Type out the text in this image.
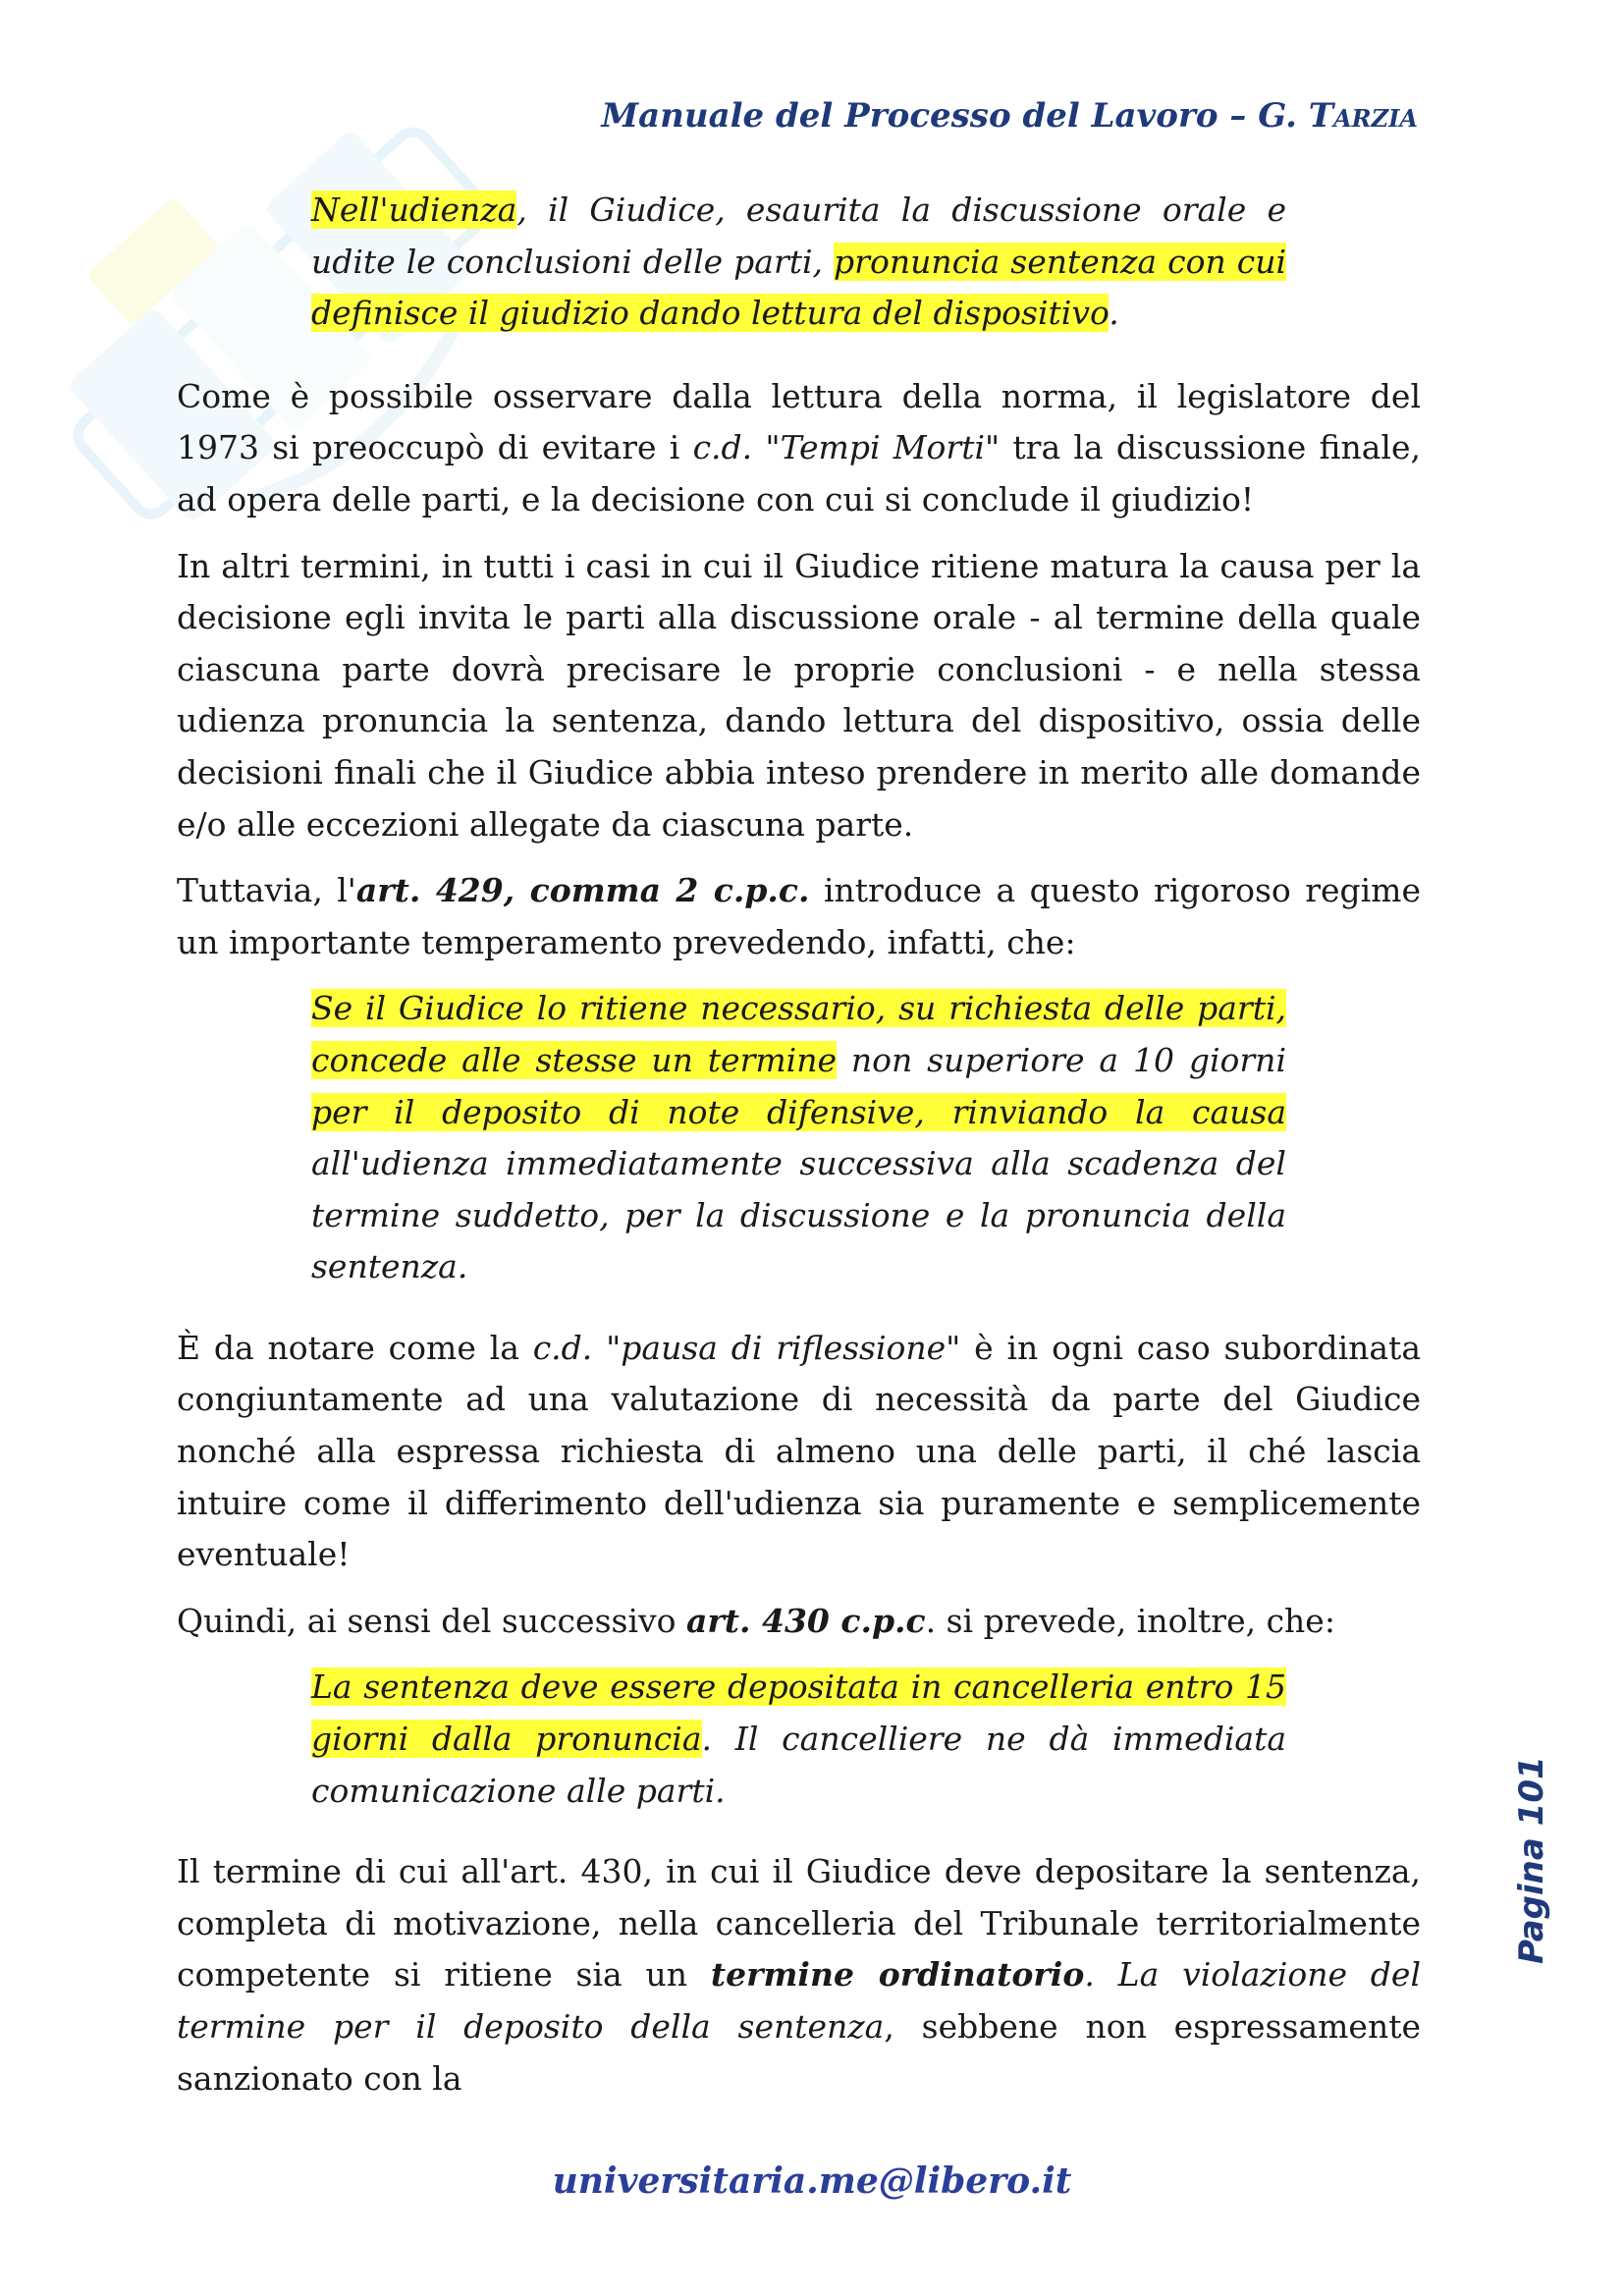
Manuale del Processo del Lavoro – G. Tarzia
Nell'udienza, il Giudice, esaurita la discussione orale e udite le conclusioni delle parti, pronuncia sentenza con cui definisce il giudizio dando lettura del dispositivo.

Come è possibile osservare dalla lettura della norma, il legislatore del 1973 si preoccupò di evitare i c.d. "Tempi Morti" tra la discussione finale, ad opera delle parti, e la decisione con cui si conclude il giudizio!

In altri termini, in tutti i casi in cui il Giudice ritiene matura la causa per la decisione egli invita le parti alla discussione orale - al termine della quale ciascuna parte dovrà precisare le proprie conclusioni - e nella stessa udienza pronuncia la sentenza, dando lettura del dispositivo, ossia delle decisioni finali che il Giudice abbia inteso prendere in merito alle domande e/o alle eccezioni allegate da ciascuna parte.

Tuttavia, l'art. 429, comma 2 c.p.c. introduce a questo rigoroso regime un importante temperamento prevedendo, infatti, che:

Se il Giudice lo ritiene necessario, su richiesta delle parti, concede alle stesse un termine non superiore a 10 giorni per il deposito di note difensive, rinviando la causa all'udienza immediatamente successiva alla scadenza del termine suddetto, per la discussione e la pronuncia della sentenza.

È da notare come la c.d. "pausa di riflessione" è in ogni caso subordinata congiuntamente ad una valutazione di necessità da parte del Giudice nonché alla espressa richiesta di almeno una delle parti, il ché lascia intuire come il differimento dell'udienza sia puramente e semplicemente eventuale!

Quindi, ai sensi del successivo art. 430 c.p.c. si prevede, inoltre, che:

La sentenza deve essere depositata in cancelleria entro 15 giorni dalla pronuncia. Il cancelliere ne dà immediata comunicazione alle parti.

Il termine di cui all'art. 430, in cui il Giudice deve depositare la sentenza, completa di motivazione, nella cancelleria del Tribunale territorialmente competente si ritiene sia un termine ordinatorio. La violazione del termine per il deposito della sentenza, sebbene non espressamente sanzionato con la

Pagina 101
universitaria.me@libero.it
